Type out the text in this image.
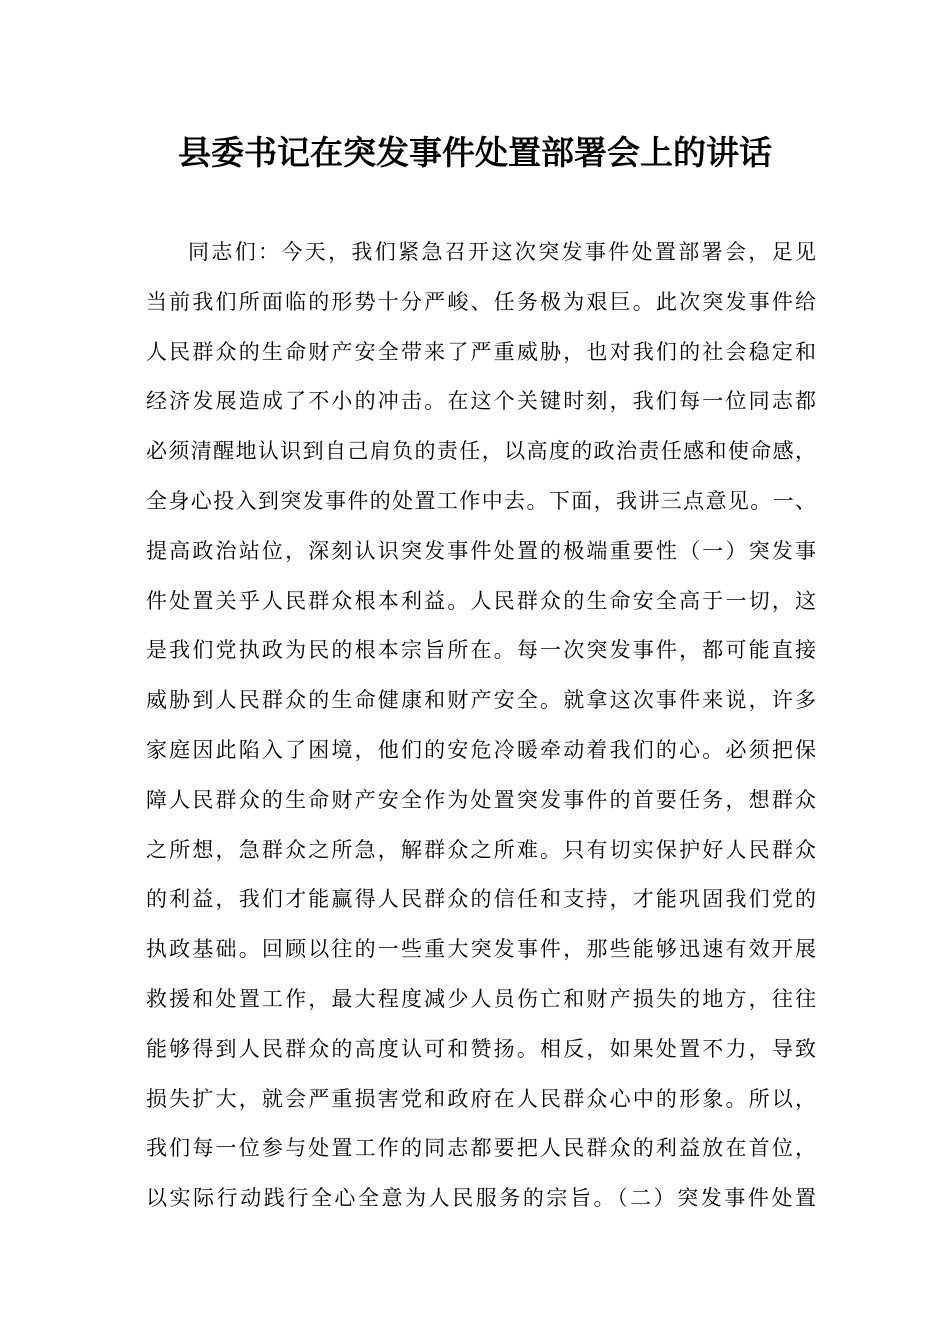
县委书记在突发事件处置部署会上的讲话
同志们：今天，我们紧急召开这次突发事件处置部署会，足见
当前我们所面临的形势十分严峻、任务极为艰巨。此次突发事件给
人民群众的生命财产安全带来了严重威胁，也对我们的社会稳定和
经济发展造成了不小的冲击。在这个关键时刻，我们每一位同志都
必须清醒地认识到自己肩负的责任，以高度的政治责任感和使命感，
全身心投入到突发事件的处置工作中去。下面，我讲三点意见。一、
提高政治站位，深刻认识突发事件处置的极端重要性（一）突发事
件处置关乎人民群众根本利益。人民群众的生命安全高于一切，这
是我们党执政为民的根本宗旨所在。每一次突发事件，都可能直接
威胁到人民群众的生命健康和财产安全。就拿这次事件来说，许多
家庭因此陷入了困境，他们的安危冷暖牵动着我们的心。必须把保
障人民群众的生命财产安全作为处置突发事件的首要任务，想群众
之所想，急群众之所急，解群众之所难。只有切实保护好人民群众
的利益，我们才能赢得人民群众的信任和支持，才能巩固我们党的
执政基础。回顾以往的一些重大突发事件，那些能够迅速有效开展
救援和处置工作，最大程度减少人员伤亡和财产损失的地方，往往
能够得到人民群众的高度认可和赞扬。相反，如果处置不力，导致
损失扩大，就会严重损害党和政府在人民群众心中的形象。所以，
我们每一位参与处置工作的同志都要把人民群众的利益放在首位，
以实际行动践行全心全意为人民服务的宗旨。（二）突发事件处置
